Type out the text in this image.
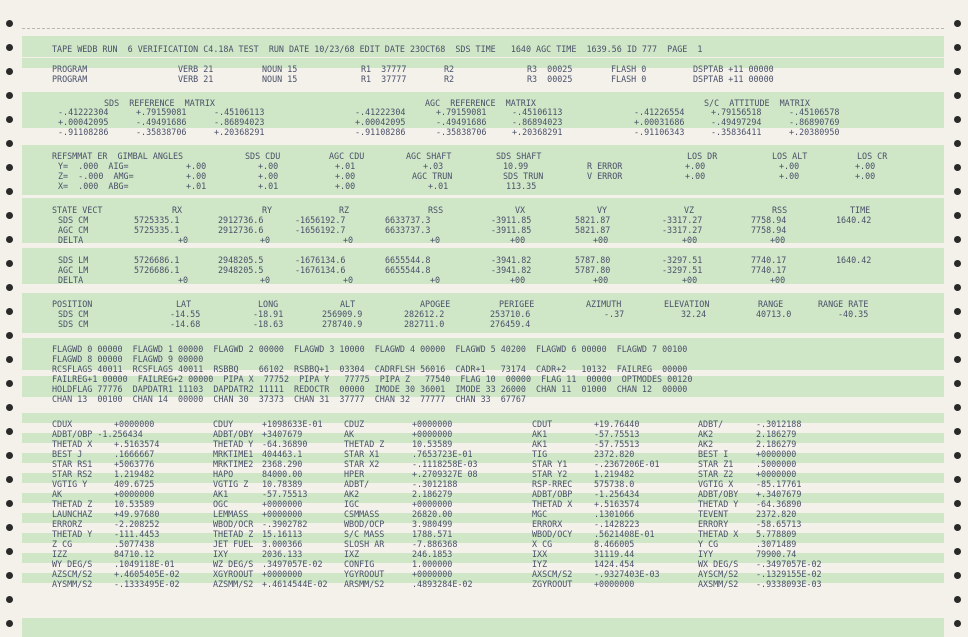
TAPE WEDB RUN  6 VERIFICATION C4.18A TEST  RUN DATE 10/23/68 EDIT DATE 23OCT68  SDS TIME   1640 AGC TIME  1639.56 ID 777  PAGE  1
PROGRAM	VERB 21	NOUN 15	R1  37777	R2	R3  00025	FLASH 0	DSPTAB +11 00000
PROGRAM	VERB 21	NOUN 15	R1  37777	R2	R3  00025	FLASH 0	DSPTAB +11 00000
SDS  REFERENCE  MATRIX	AGC  REFERENCE  MATRIX	S/C  ATTITUDE  MATRIX
-.41222304	+.79159081	-.45106113	-.41222304	+.79159081	-.45106113	-.41226554	+.79156518	-.45106578
+.00042095	-.49491686	-.86894023	+.00042095	-.49491686	-.86894023	+.00031686	-.49497294	-.86890769
-.91108286	-.35838706	+.20368291	-.91108286	-.35838706	+.20368291	-.91106343	-.35836411	+.20380950
REFSMMAT ER  GIMBAL ANGLES	SDS CDU	AGC CDU	AGC SHAFT	SDS SHAFT	LOS DR	LOS ALT	LOS CR
Y=  .000  AIG=	+.00	+.00	+.01	+.03	10.99	R ERROR	+.00	+.00	+.00
Z=  -.000  AMG=	+.00	+.00	+.00	AGC TRUN	SDS TRUN	V ERROR	+.00	+.00	+.00
X=  .000  ABG=	+.01	+.01	+.00	+.01	113.35
STATE VECT	RX	RY	RZ	RSS	VX	VY	VZ	RSS	TIME
SDS CM	5725335.1	2912736.6	-1656192.7	6633737.3	-3911.85	5821.87	-3317.27	7758.94	1640.42
AGC CM	5725335.1	2912736.6	-1656192.7	6633737.3	-3911.85	5821.87	-3317.27	7758.94
DELTA	+0	+0	+0	+0	+00	+00	+00	+00
SDS LM	5726686.1	2948205.5	-1676134.6	6655544.8	-3941.82	5787.80	-3297.51	7740.17	1640.42
AGC LM	5726686.1	2948205.5	-1676134.6	6655544.8	-3941.82	5787.80	-3297.51	7740.17
DELTA	+0	+0	+0	+0	+00	+00	+00	+00
POSITION	LAT	LONG	ALT	APOGEE	PERIGEE	AZIMUTH	ELEVATION	RANGE	RANGE RATE
SDS CM	-14.55	-18.91	256909.9	282612.2	253710.6	-.37	32.24	40713.0	-40.35
SDS CM	-14.68	-18.63	278740.9	282711.0	276459.4
FLAGWD 0 00000  FLAGWD 1 00000  FLAGWD 2 00000  FLAGWD 3 10000  FLAGWD 4 00000  FLAGWD 5 40200  FLAGWD 6 00000  FLAGWD 7 00100
FLAGWD 8 00000  FLAGWD 9 00000
RCSFLAGS 40011  RCSFLAGS 40011  RSBBQ    66102  RSBBQ+1  03304  CADRFLSH 56016  CADR+1   73174  CADR+2   10132  FAILREG  00000
FAILREG+1 00000  FAILREG+2 00000  PIPA X  77752  PIPA Y   77775  PIPA Z   77540  FLAG 10  00000  FLAG 11  00000  OPTMODES 00120
HOLDFLAG 77776  DAPDATR1 11103  DAPDATR2 11111  REDOCTR  00000  IMODE 30 36001  IMODE 33 26000  CHAN 11  01000  CHAN 12  00000
CHAN 13  00100  CHAN 14  00000  CHAN 30  37373  CHAN 31  37777  CHAN 32  77777  CHAN 33  67767
CDUX	+0000000	CDUY	+1098633E-01	CDUZ	+0000000	CDUT	+19.76440	ADBT/	-.3012188
ADBT/OBP -1.256434	ADBT/OBY +3407679	AK	+0000000	AK1	-57.75513	AK2	2.186279
THETAD X	+.5163574	THETAD Y -64.36890	THETAD Z	10.53589	AK1	-57.75513	AK2	2.186279
BEST J	.1666667	MRKTIME1 404463.1	STAR X1	.7653723E-01	TIG	2372.820	BEST I	+0000000
STAR RS1	+5063776	MRKTIME2 2368.290	STAR X2	-.1118258E-03	STAR Y1	-.2367206E-01	STAR Z1	.5000000
STAR RS2	1.219482	HAPO	84000.00	HPER	+.2709327E 08	STAR Y2	1.219482	STAR Z2	+0000000
VGTIG Y	409.6725	VGTIG Z 10.78389	ADBT/	-.3012188	RSP-RREC	575738.0	VGTIG X	-85.17761
AK	+0000000	AK1	-57.75513	AK2	2.186279	ADBT/OBP	-1.256434	ADBT/OBY +.3407679
THETAD Z	10.53589	OGC	+0000000	IGC	+0000000	THETAD X	+.5163574	THETAD Y -64.36890
LAUNCHAZ	+49.97680	LEMMASS +0000000	CSMMASS	26820.00	MGC	.1301066	TEVENT	2372.820
ERRORZ	-2.208252	WBOD/OCR -.3902782	WBOD/OCP	3.980499	ERRORX	-.1428223	ERRORY	-58.65713
THETAD Y	-111.4453	THETAD Z 15.16113	S/C MASS	1788.571	WBOD/OCY	.5621408E-01	THETAD X 5.778809
Z CG	.5077438	JET FUEL 3.000366	SLOSH AR	-7.886368	X CG	8.466005	Y CG	.3071489
IZZ	84710.12	IXY	2036.133	IXZ	246.1853	IXX	31119.44	IYY	79900.74
WY DEG/S	.1049118E-01	WZ DEG/S .3497057E-02	CONFIG	1.000000	IYZ	1424.454	WX DEG/S -.3497057E-02
AZSCM/S2	+.4605405E-02	XGYROOUT +0000000	YGYROOUT	+0000000	AXSCM/S2	-.9327403E-03	AYSCM/S2 -.1329155E-02
AYSMM/S2	-.1333495E-02	AZSMM/S2 +.4614544E-02 ARSMM/S2	.4893284E-02	ZGYROOUT	+0000000	AXSMM/S2 -.9338093E-03
